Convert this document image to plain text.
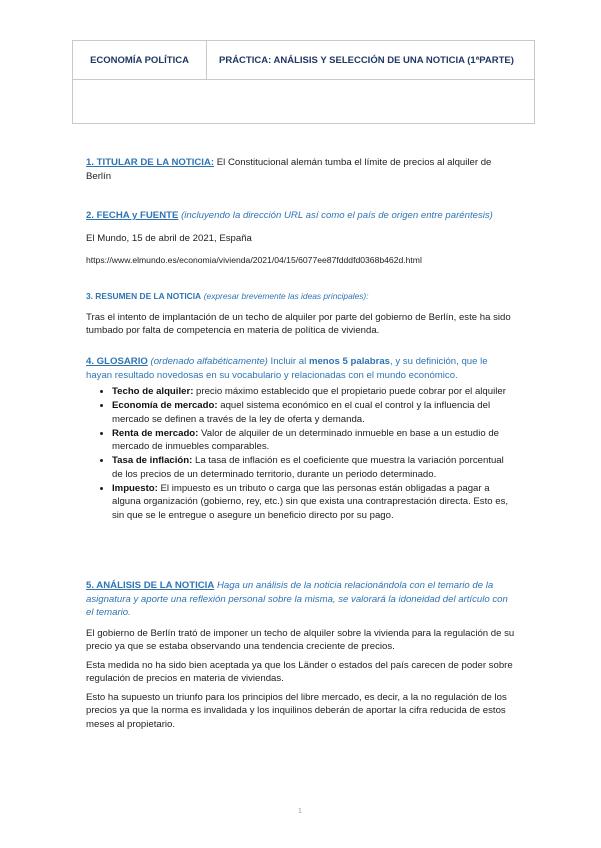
ECONOMÍA POLÍTICA	PRÁCTICA: ANÁLISIS Y SELECCIÓN DE UNA NOTICIA (1ªPARTE)
1. TITULAR DE LA NOTICIA: El Constitucional alemán tumba el límite de precios al alquiler de Berlín

2. FECHA y FUENTE (incluyendo la dirección URL así como el país de origen entre paréntesis)

El Mundo, 15 de abril de 2021, España

https://www.elmundo.es/economia/vivienda/2021/04/15/6077ee87fdddfd0368b462d.html

3. RESUMEN DE LA NOTICIA (expresar brevemente las ideas principales):

Tras el intento de implantación de un techo de alquiler por parte del gobierno de Berlín, este ha sido tumbado por falta de competencia en materia de política de vivienda.

4. GLOSARIO (ordenado alfabéticamente) Incluir al menos 5 palabras, y su definición, que le hayan resultado novedosas en su vocabulario y relacionadas con el mundo económico.

• Techo de alquiler: precio máximo establecido que el propietario puede cobrar por el alquiler
• Economía de mercado: aquel sistema económico en el cual el control y la influencia del mercado se definen a través de la ley de oferta y demanda.
• Renta de mercado: Valor de alquiler de un determinado inmueble en base a un estudio de mercado de inmuebles comparables.
• Tasa de inflación: La tasa de inflación es el coeficiente que muestra la variación porcentual de los precios de un determinado territorio, durante un periodo determinado.
• Impuesto: El impuesto es un tributo o carga que las personas están obligadas a pagar a alguna organización (gobierno, rey, etc.) sin que exista una contraprestación directa. Esto es, sin que se le entregue o asegure un beneficio directo por su pago.

5. ANÁLISIS DE LA NOTICIA Haga un análisis de la noticia relacionándola con el temario de la asignatura y aporte una reflexión personal sobre la misma, se valorará la idoneidad del artículo con el temario.

El gobierno de Berlín trató de imponer un techo de alquiler sobre la vivienda para la regulación de su precio ya que se estaba observando una tendencia creciente de precios.

Esta medida no ha sido bien aceptada ya que los Länder o estados del país carecen de poder sobre regulación de precios en materia de viviendas.

Esto ha supuesto un triunfo para los principios del libre mercado, es decir, a la no regulación de los precios ya que la norma es invalidada y los inquilinos deberán de aportar la cifra reducida de estos meses al propietario.

1
